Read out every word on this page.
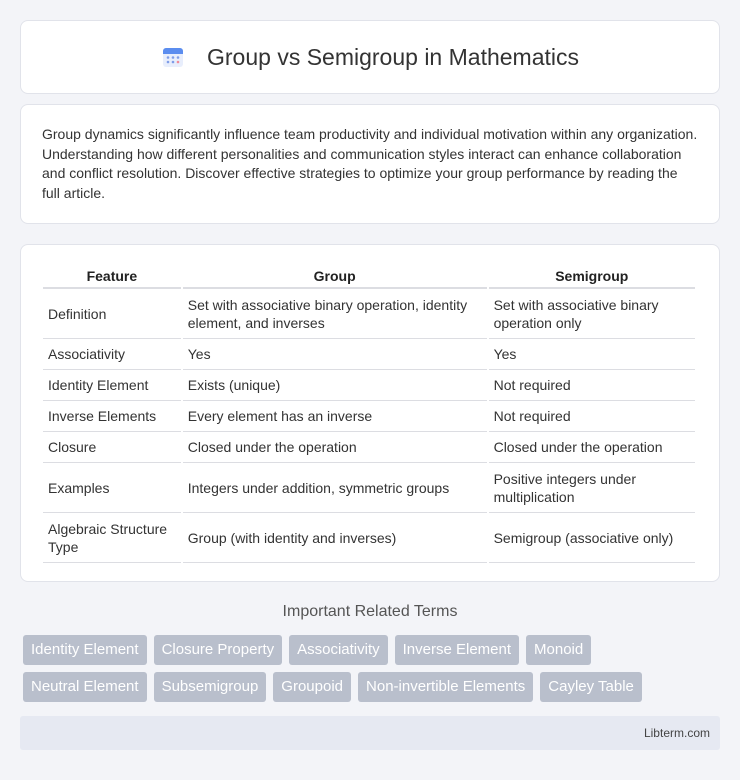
Group vs Semigroup in Mathematics

Group dynamics significantly influence team productivity and individual motivation within any organization. Understanding how different personalities and communication styles interact can enhance collaboration and conflict resolution. Discover effective strategies to optimize your group performance by reading the full article.

Feature	Group	Semigroup
Definition	Set with associative binary operation, identity element, and inverses	Set with associative binary operation only
Associativity	Yes	Yes
Identity Element	Exists (unique)	Not required
Inverse Elements	Every element has an inverse	Not required
Closure	Closed under the operation	Closed under the operation
Examples	Integers under addition, symmetric groups	Positive integers under multiplication
Algebraic Structure Type	Group (with identity and inverses)	Semigroup (associative only)
Important Related Terms
Identity Element	Closure Property	Associativity	Inverse Element	Monoid
Neutral Element	Subsemigroup	Groupoid	Non-invertible Elements	Cayley Table
Libterm.com
